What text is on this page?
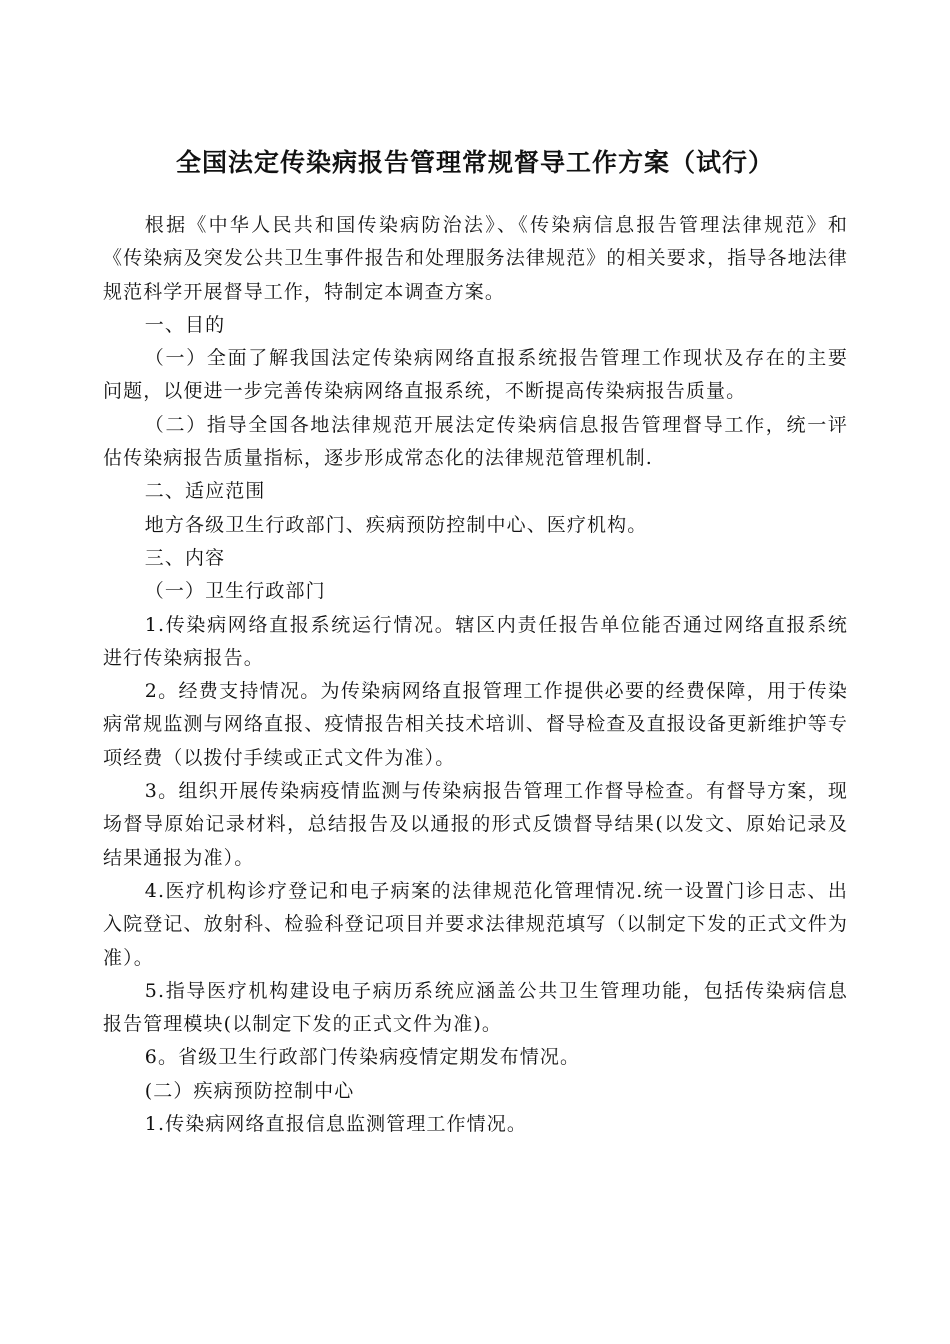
全国法定传染病报告管理常规督导工作方案（试行）

根据《中华人民共和国传染病防治法》、《传染病信息报告管理法律规范》和《传染病及突发公共卫生事件报告和处理服务法律规范》的相关要求，指导各地法律规范科学开展督导工作，特制定本调查方案。

一、目的

（一）全面了解我国法定传染病网络直报系统报告管理工作现状及存在的主要问题，以便进一步完善传染病网络直报系统，不断提高传染病报告质量。

（二）指导全国各地法律规范开展法定传染病信息报告管理督导工作，统一评估传染病报告质量指标，逐步形成常态化的法律规范管理机制.

二、适应范围

地方各级卫生行政部门、疾病预防控制中心、医疗机构。

三、内容

（一）卫生行政部门

1.传染病网络直报系统运行情况。辖区内责任报告单位能否通过网络直报系统进行传染病报告。

2。经费支持情况。为传染病网络直报管理工作提供必要的经费保障，用于传染病常规监测与网络直报、疫情报告相关技术培训、督导检查及直报设备更新维护等专项经费（以拨付手续或正式文件为准）。

3。组织开展传染病疫情监测与传染病报告管理工作督导检查。有督导方案，现场督导原始记录材料，总结报告及以通报的形式反馈督导结果(以发文、原始记录及结果通报为准）。

4.医疗机构诊疗登记和电子病案的法律规范化管理情况.统一设置门诊日志、出入院登记、放射科、检验科登记项目并要求法律规范填写（以制定下发的正式文件为准）。

5.指导医疗机构建设电子病历系统应涵盖公共卫生管理功能，包括传染病信息报告管理模块(以制定下发的正式文件为准)。

6。省级卫生行政部门传染病疫情定期发布情况。

(二）疾病预防控制中心

1.传染病网络直报信息监测管理工作情况。
